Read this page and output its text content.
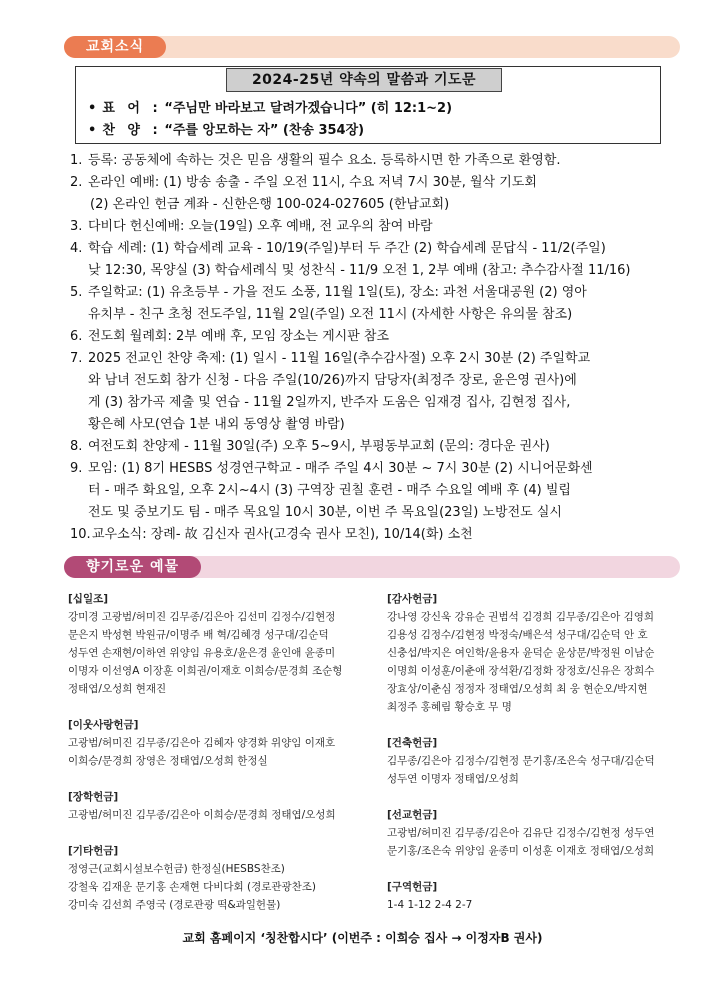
교회소식
2024-25년 약속의 말씀과 기도문
• 표 어 : “주님만 바라보고 달려가겠습니다” (히 12:1~2)
• 찬 양 : “주를 앙모하는 자” (찬송 354장)
1. 등록: 공동체에 속하는 것은 믿음 생활의 필수 요소. 등록하시면 한 가족으로 환영함.
2. 온라인 예배: (1) 방송 송출 - 주일 오전 11시, 수요 저녁 7시 30분, 월삭 기도회
(2) 온라인 헌금 계좌 - 신한은행 100-024-027605 (한남교회)
3. 다비다 헌신예배: 오늘(19일) 오후 예배, 전 교우의 참여 바람
4. 학습 세례: (1) 학습세례 교육 - 10/19(주일)부터 두 주간 (2) 학습세례 문답식 - 11/2(주일)
낮 12:30, 목양실 (3) 학습세례식 및 성찬식 - 11/9 오전 1, 2부 예배 (참고: 추수감사절 11/16)
5. 주일학교: (1) 유초등부 - 가을 전도 소풍, 11월 1일(토), 장소: 과천 서울대공원 (2) 영아
유치부 - 친구 초청 전도주일, 11월 2일(주일) 오전 11시 (자세한 사항은 유의물 참조)
6. 전도회 월례회: 2부 예배 후, 모임 장소는 게시판 참조
7. 2025 전교인 찬양 축제: (1) 일시 - 11월 16일(추수감사절) 오후 2시 30분 (2) 주일학교
와 남녀 전도회 참가 신청 - 다음 주일(10/26)까지 담당자(최정주 장로, 윤은영 권사)에
게 (3) 참가곡 제출 및 연습 - 11월 2일까지, 반주자 도움은 임재경 집사, 김현정 집사,
황은혜 사모(연습 1분 내외 동영상 촬영 바람)
8. 여전도회 찬양제 - 11월 30일(주) 오후 5~9시, 부평동부교회 (문의: 경다운 권사)
9. 모임: (1) 8기 HESBS 성경연구학교 - 매주 주일 4시 30분 ~ 7시 30분 (2) 시니어문화센
터 - 매주 화요일, 오후 2시~4시 (3) 구역장 권칠 훈련 - 매주 수요일 예배 후 (4) 빌립
전도 및 중보기도 팀 - 매주 목요일 10시 30분, 이번 주 목요일(23일) 노방전도 실시
10. 교우소식: 장례- 故 김신자 권사(고경숙 권사 모친), 10/14(화) 소천
향기로운 예물
[십일조]
강미경 고광범/허미진 김무종/김은아 김선미 김정수/김현정
문은지 박성현 박원규/이명주 배 혁/김혜경 성구대/김순덕
성두연 손재현/이하연 위양임 유용호/윤은경 윤인애 윤종미
이명자 이선영A 이장훈 이희권/이재호 이희승/문경희 조순형
정태엽/오성희 현재진
[이웃사랑헌금]
고광범/허미진 김무종/김은아 김혜자 양경화 위양임 이재호
이희승/문경희 장영은 정태엽/오성희 한정실
[장학헌금]
고광범/허미진 김무종/김은아 이희승/문경희 정태엽/오성희
[기타헌금]
정영근(교회시설보수헌금) 한정실(HESBS찬조)
강철욱 김재운 문기홍 손재현 다비다회 (경로관광찬조)
강미숙 김선희 주영국 (경로관광 떡&과일헌물)
[감사헌금]
강나영 강신욱 강유순 권범석 김경희 김무종/김은아 김영희
김용성 김정수/김현정 박정숙/배은석 성구대/김순덕 안 호
신충섭/박지은 여인학/윤용자 윤덕순 윤상문/박정원 이남순
이명희 이성훈/이춘애 장석환/김정화 장정호/신유은 장희수
장효상/이춘심 정정자 정태엽/오성희 최 웅 현순오/박지현
최정주 홍혜림 황승호 무 명
[건축헌금]
김무종/김은아 김정수/김현정 문기홍/조은숙 성구대/김순덕
성두연 이명자 정태엽/오성희
[선교헌금]
고광범/허미진 김무종/김은아 김유단 김정수/김현정 성두연
문기홍/조은숙 위양임 윤종미 이성훈 이재호 정태엽/오성희
[구역헌금]
1-4 1-12 2-4 2-7
교회 홈페이지 ‘칭찬합시다’ (이번주 : 이희승 집사 → 이정자B 권사)
